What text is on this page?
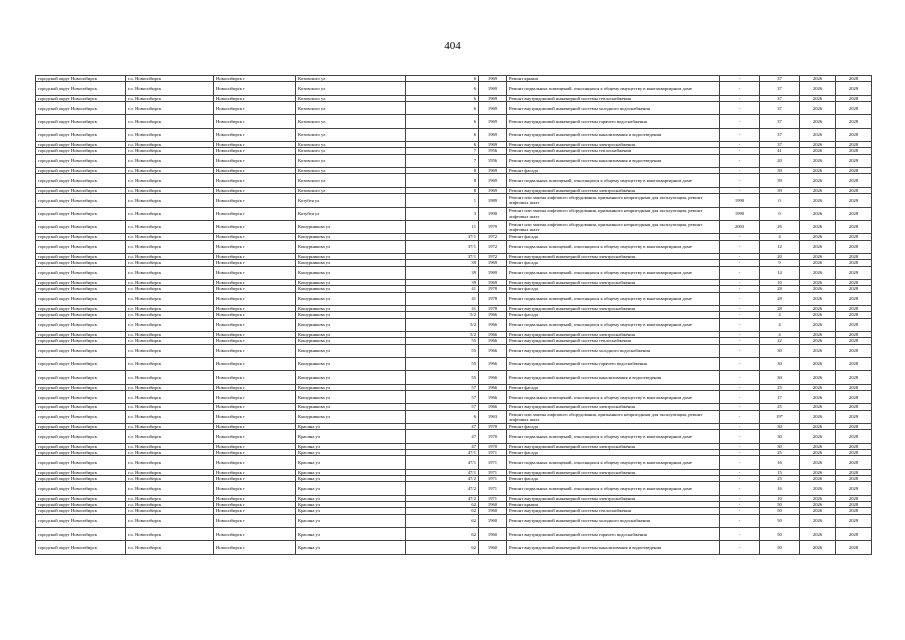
404
городской округ Новосибирск	г.о. Новосибирск	Новосибирск г	Котовского ул	6	1969	Ремонт крыши	-	37	2026	2028
городской округ Новосибирск	г.о. Новосибирск	Новосибирск г	Котовского ул	6	1969	Ремонт подвальных помещений, относящихся к общему имуществу в многоквартирном доме	-	37	2026	2028
городской округ Новосибирск	г.о. Новосибирск	Новосибирск г	Котовского ул	6	1969	Ремонт внутридомовой инженерной системы теплоснабжения	-	37	2026	2028
городской округ Новосибирск	г.о. Новосибирск	Новосибирск г	Котовского ул	6	1969	Ремонт внутридомовой инженерной системы холодного водоснабжения	-	37	2026	2028
городской округ Новосибирск	г.о. Новосибирск	Новосибирск г	Котовского ул	6	1969	Ремонт внутридомовой инженерной системы горячего водоснабжения	-	37	2026	2028
городской округ Новосибирск	г.о. Новосибирск	Новосибирск г	Котовского ул	6	1969	Ремонт внутридомовой инженерной системы канализования и водоотведения	-	37	2026	2028
городской округ Новосибирск	г.о. Новосибирск	Новосибирск г	Котовского ул	6	1969	Ремонт внутридомовой инженерной системы электроснабжения	-	37	2026	2028
городской округ Новосибирск	г.о. Новосибирск	Новосибирск г	Котовского ул	7	1956	Ремонт внутридомовой инженерной системы теплоснабжения	-	41	2026	2028
городской округ Новосибирск	г.о. Новосибирск	Новосибирск г	Котовского ул	7	1956	Ремонт внутридомовой инженерной системы канализования и водоотведения	-	20	2026	2028
городской округ Новосибирск	г.о. Новосибирск	Новосибирск г	Котовского ул	8	1969	Ремонт фасада	-	39	2026	2028
городской округ Новосибирск	г.о. Новосибирск	Новосибирск г	Котовского ул	8	1969	Ремонт подвальных помещений, относящихся к общему имуществу в многоквартирном доме	-	39	2026	2028
городской округ Новосибирск	г.о. Новосибирск	Новосибирск г	Котовского ул	8	1969	Ремонт внутридомовой инженерной системы электроснабжения	-	39	2026	2028
городской округ Новосибирск	г.о. Новосибирск	Новосибирск г	Котубея ул	1	1989	Ремонт или замена лифтового оборудования, признанного непригодным для эксплуатации, ремонт лифтовых шахт	1990	0	2026	2028
городской округ Новосибирск	г.о. Новосибирск	Новосибирск г	Котубея ул	3	1990	Ремонт или замена лифтового оборудования, признанного непригодным для эксплуатации, ремонт лифтовых шахт	1990	0	2026	2028
городской округ Новосибирск	г.о. Новосибирск	Новосибирск г	Кошурникова ул	11	1979	Ремонт или замена лифтового оборудования, признанного непригодным для эксплуатации, ремонт лифтовых шахт	2003	26	2026	2028
городской округ Новосибирск	г.о. Новосибирск	Новосибирск г	Кошурникова ул	37/1	1972	Ремонт фасада	-	4	2026	2028
городской округ Новосибирск	г.о. Новосибирск	Новосибирск г	Кошурникова ул	37/1	1972	Ремонт подвальных помещений, относящихся к общему имуществу в многоквартирном доме	-	12	2026	2028
городской округ Новосибирск	г.о. Новосибирск	Новосибирск г	Кошурникова ул	37/1	1972	Ремонт внутридомовой инженерной системы электроснабжения	-	20	2026	2028
городской округ Новосибирск	г.о. Новосибирск	Новосибирск г	Кошурникова ул	39	1969	Ремонт фасада	-	9	2026	2028
городской округ Новосибирск	г.о. Новосибирск	Новосибирск г	Кошурникова ул	39	1969	Ремонт подвальных помещений, относящихся к общему имуществу в многоквартирном доме	-	14	2026	2028
городской округ Новосибирск	г.о. Новосибирск	Новосибирск г	Кошурникова ул	39	1969	Ремонт внутридомовой инженерной системы электроснабжения	-	10	2026	2028
городской округ Новосибирск	г.о. Новосибирск	Новосибирск г	Кошурникова ул	41	1978	Ремонт фасада	-	28	2026	2028
городской округ Новосибирск	г.о. Новосибирск	Новосибирск г	Кошурникова ул	41	1978	Ремонт подвальных помещений, относящихся к общему имуществу в многоквартирном доме	-	28	2026	2028
городской округ Новосибирск	г.о. Новосибирск	Новосибирск г	Кошурникова ул	41	1978	Ремонт внутридомовой инженерной системы электроснабжения	-	28	2026	2028
городской округ Новосибирск	г.о. Новосибирск	Новосибирск г	Кошурникова ул	5/2	1966	Ремонт фасада	-	4	2026	2028
городской округ Новосибирск	г.о. Новосибирск	Новосибирск г	Кошурникова ул	5/2	1966	Ремонт подвальных помещений, относящихся к общему имуществу в многоквартирном доме	-	4	2026	2028
городской округ Новосибирск	г.о. Новосибирск	Новосибирск г	Кошурникова ул	5/2	1966	Ремонт внутридомовой инженерной системы электроснабжения	-	4	2026	2028
городской округ Новосибирск	г.о. Новосибирск	Новосибирск г	Кошурникова ул	55	1966	Ремонт внутридомовой инженерной системы теплоснабжения	-	22	2026	2028
городской округ Новосибирск	г.о. Новосибирск	Новосибирск г	Кошурникова ул	55	1966	Ремонт внутридомовой инженерной системы холодного водоснабжения	-	30	2026	2028
городской округ Новосибирск	г.о. Новосибирск	Новосибирск г	Кошурникова ул	55	1966	Ремонт внутридомовой инженерной системы горячего водоснабжения	-	30	2026	2028
городской округ Новосибирск	г.о. Новосибирск	Новосибирск г	Кошурникова ул	55	1966	Ремонт внутридомовой инженерной системы канализования и водоотведения	-	30	2026	2028
городской округ Новосибирск	г.о. Новосибирск	Новосибирск г	Кошурникова ул	57	1966	Ремонт фасада	-	25	2026	2028
городской округ Новосибирск	г.о. Новосибирск	Новосибирск г	Кошурникова ул	57	1966	Ремонт подвальных помещений, относящихся к общему имуществу в многоквартирном доме	-	17	2026	2028
городской округ Новосибирск	г.о. Новосибирск	Новосибирск г	Кошурникова ул	57	1966	Ремонт внутридомовой инженерной системы электроснабжения	-	25	2026	2028
городской округ Новосибирск	г.о. Новосибирск	Новосибирск г	Кошурникова ул	6	1963	Ремонт или замена лифтового оборудования, признанного непригодным для эксплуатации, ремонт лифтовых шахт	-	19*	2026	2028
городской округ Новосибирск	г.о. Новосибирск	Новосибирск г	Красина ул	47	1970	Ремонт фасада	-	30	2026	2028
городской округ Новосибирск	г.о. Новосибирск	Новосибирск г	Красина ул	47	1970	Ремонт подвальных помещений, относящихся к общему имуществу в многоквартирном доме	-	30	2026	2028
городской округ Новосибирск	г.о. Новосибирск	Новосибирск г	Красина ул	47	1970	Ремонт внутридомовой инженерной системы электроснабжения	-	30	2026	2028
городской округ Новосибирск	г.о. Новосибирск	Новосибирск г	Красина ул	47/1	1971	Ремонт фасада	-	25	2026	2028
городской округ Новосибирск	г.о. Новосибирск	Новосибирск г	Красина ул	47/1	1971	Ремонт подвальных помещений, относящихся к общему имуществу в многоквартирном доме	-	16	2026	2028
городской округ Новосибирск	г.о. Новосибирск	Новосибирск г	Красина ул	47/1	1971	Ремонт внутридомовой инженерной системы электроснабжения	-	15	2026	2028
городской округ Новосибирск	г.о. Новосибирск	Новосибирск г	Красина ул	47/2	1971	Ремонт фасада	-	25	2026	2028
городской округ Новосибирск	г.о. Новосибирск	Новосибирск г	Красина ул	47/2	1971	Ремонт подвальных помещений, относящихся к общему имуществу в многоквартирном доме	-	16	2026	2028
городской округ Новосибирск	г.о. Новосибирск	Новосибирск г	Красина ул	47/2	1971	Ремонт внутридомовой инженерной системы электроснабжения	-	10	2026	2028
городской округ Новосибирск	г.о. Новосибирск	Новосибирск г	Красина ул	62	1960	Ремонт крыши	-	50	2026	2028
городской округ Новосибирск	г.о. Новосибирск	Новосибирск г	Красина ул	62	1960	Ремонт внутридомовой инженерной системы теплоснабжения	-	50	2026	2028
городской округ Новосибирск	г.о. Новосибирск	Новосибирск г	Красина ул	62	1960	Ремонт внутридомовой инженерной системы холодного водоснабжения	-	50	2026	2028
городской округ Новосибирск	г.о. Новосибирск	Новосибирск г	Красина ул	62	1960	Ремонт внутридомовой инженерной системы горячего водоснабжения	-	50	2026	2028
городской округ Новосибирск	г.о. Новосибирск	Новосибирск г	Красина ул	62	1960	Ремонт внутридомовой инженерной системы канализования и водоотведения	-	50	2026	2028
